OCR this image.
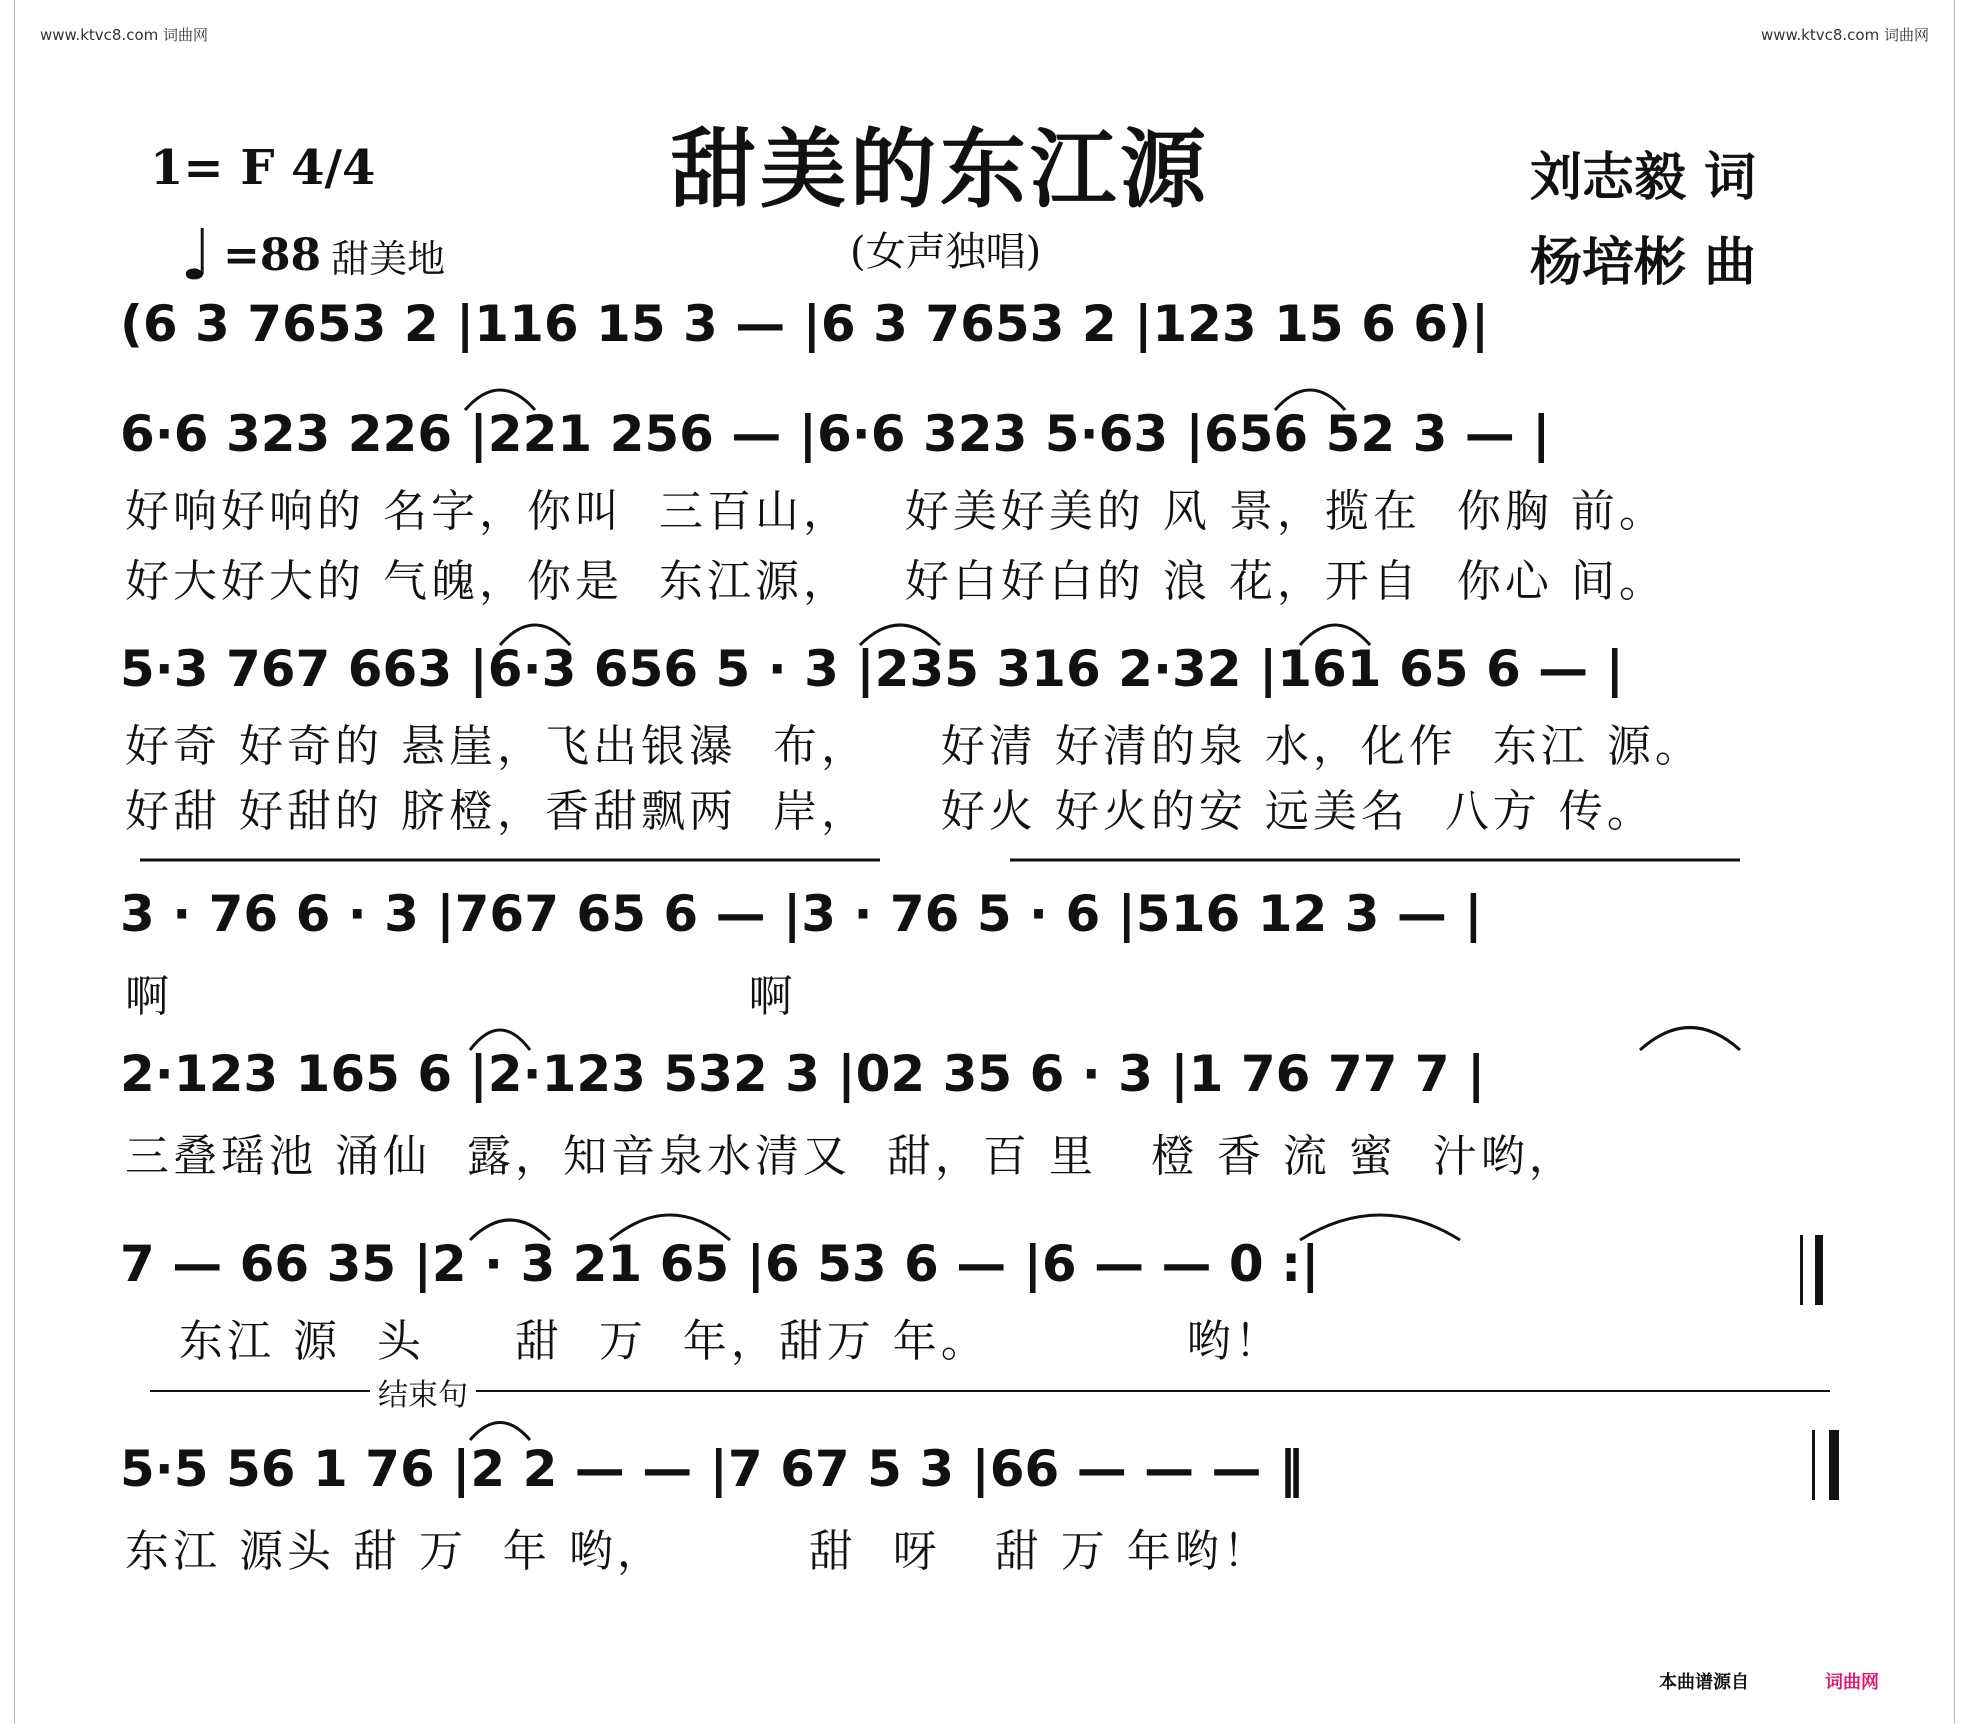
www.ktvc8.com 词曲网	www.ktvc8.com 词曲网
甜美的东江源
(女声独唱)
1= F 4/4
♩ =88 甜美地
刘志毅 词
杨培彬 曲
(6 3 7653 2 |116 15 3 — |6 3 7653 2 |123 15 6 6)|
6·6 323 226 |221 256 — |6·6 323 5·63 |656 52 3 — |
好响好响的 名字，你叫  三百山，   好美好美的 风 景，揽在  你胸 前。
好大好大的 气魄，你是  东江源，   好白好白的 浪 花，开自  你心 间。
5·3 767 663 |6·3 656 5 · 3 |235 316 2·32 |161 65 6 — |
好奇 好奇的 悬崖，飞出银瀑  布，    好清 好清的泉 水，化作  东江 源。
好甜 好甜的 脐橙，香甜飘两  岸，    好火 好火的安 远美名  八方 传。
3 · 76 6 · 3 |767 65 6 — |3 · 76 5 · 6 |516 12 3 — |
啊                                啊
2·123 165 6 |2·123 532 3 |02 35 6 · 3 |1 76 77 7 |
三叠瑶池 涌仙  露，知音泉水清又  甜，百 里   橙 香 流 蜜  汁哟，
7 — 66 35 |2 · 3 21 65 |6 53 6 — |6 — — 0 :|
东江 源  头     甜  万  年，甜万 年。           哟！
结束句
5·5 56 1 76 |2 2 — — |7 67 5 3 |66 — — — ‖
东江 源头 甜 万  年 哟，        甜  呀   甜 万 年哟！
本曲谱源自	词曲网
